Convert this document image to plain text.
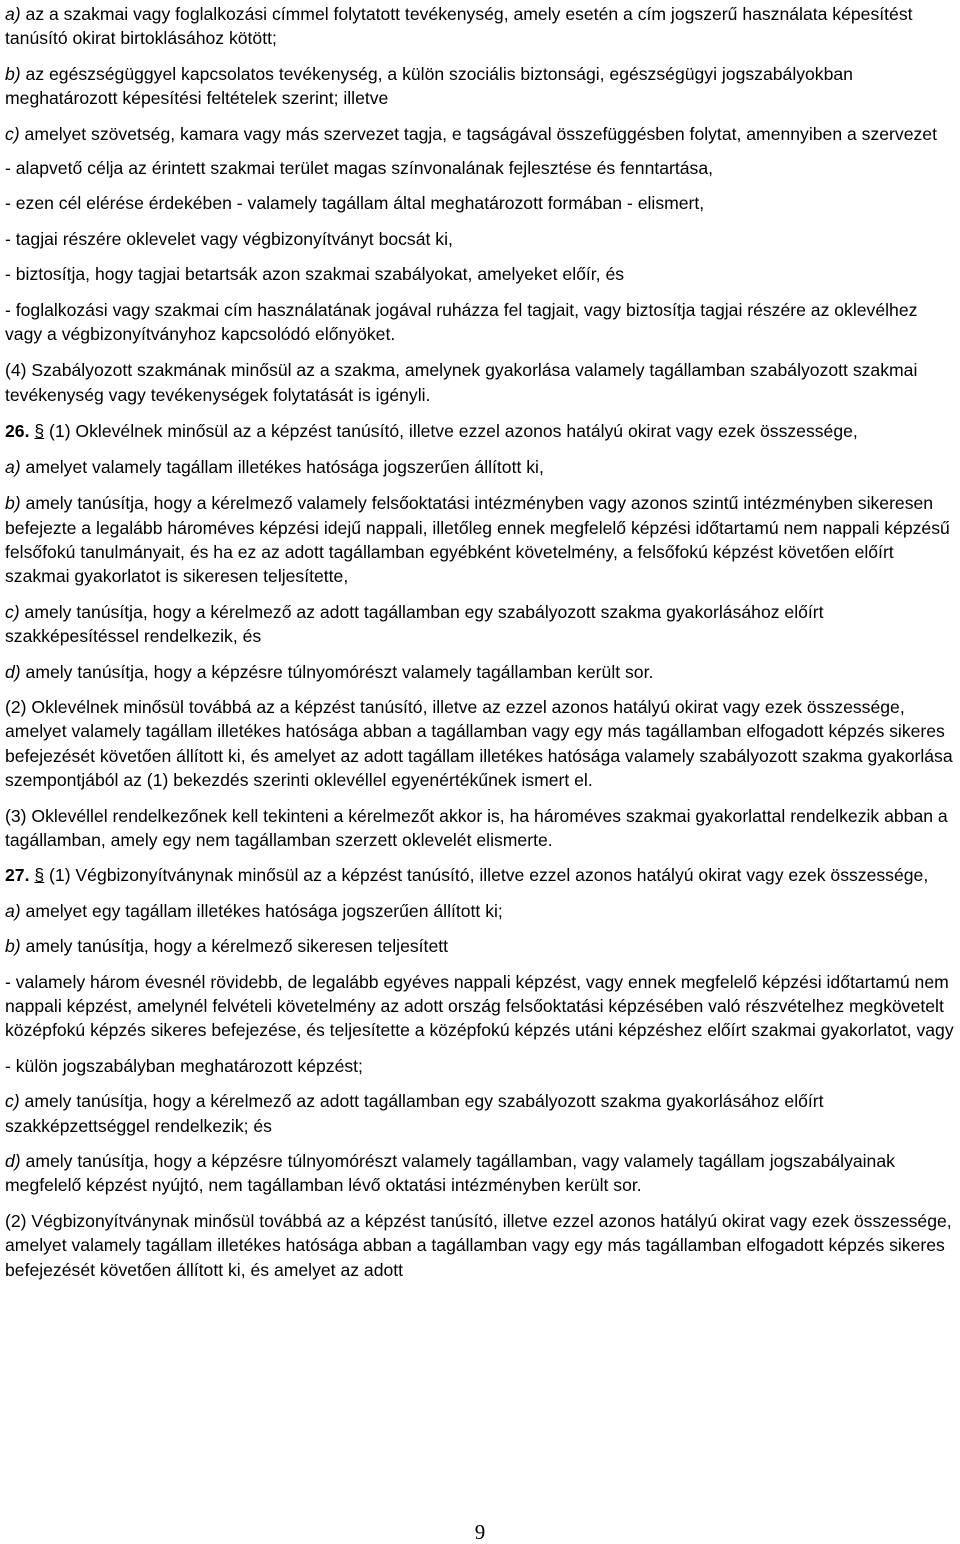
a) az a szakmai vagy foglalkozási címmel folytatott tevékenység, amely esetén a cím jogszerű használata képesítést tanúsító okirat birtoklásához kötött;

b) az egészségüggyel kapcsolatos tevékenység, a külön szociális biztonsági, egészségügyi jogszabályokban meghatározott képesítési feltételek szerint; illetve

c) amelyet szövetség, kamara vagy más szervezet tagja, e tagságával összefüggésben folytat, amennyiben a szervezet

- alapvető célja az érintett szakmai terület magas színvonalának fejlesztése és fenntartása,

- ezen cél elérése érdekében - valamely tagállam által meghatározott formában - elismert,

- tagjai részére oklevelet vagy végbizonyítványt bocsát ki,

- biztosítja, hogy tagjai betartsák azon szakmai szabályokat, amelyeket előír, és

- foglalkozási vagy szakmai cím használatának jogával ruházza fel tagjait, vagy biztosítja tagjai részére az oklevélhez vagy a végbizonyítványhoz kapcsolódó előnyöket.

(4) Szabályozott szakmának minősül az a szakma, amelynek gyakorlása valamely tagállamban szabályozott szakmai tevékenység vagy tevékenységek folytatását is igényli.

26. § (1) Oklevélnek minősül az a képzést tanúsító, illetve ezzel azonos hatályú okirat vagy ezek összessége,

a) amelyet valamely tagállam illetékes hatósága jogszerűen állított ki,

b) amely tanúsítja, hogy a kérelmező valamely felsőoktatási intézményben vagy azonos szintű intézményben sikeresen befejezte a legalább hároméves képzési idejű nappali, illetőleg ennek megfelelő képzési időtartamú nem nappali képzésű felsőfokú tanulmányait, és ha ez az adott tagállamban egyébként követelmény, a felsőfokú képzést követően előírt szakmai gyakorlatot is sikeresen teljesítette,

c) amely tanúsítja, hogy a kérelmező az adott tagállamban egy szabályozott szakma gyakorlásához előírt szakképesítéssel rendelkezik, és

d) amely tanúsítja, hogy a képzésre túlnyomórészt valamely tagállamban került sor.

(2) Oklevélnek minősül továbbá az a képzést tanúsító, illetve az ezzel azonos hatályú okirat vagy ezek összessége, amelyet valamely tagállam illetékes hatósága abban a tagállamban vagy egy más tagállamban elfogadott képzés sikeres befejezését követően állított ki, és amelyet az adott tagállam illetékes hatósága valamely szabályozott szakma gyakorlása szempontjából az (1) bekezdés szerinti oklevéllel egyenértékűnek ismert el.

(3) Oklevéllel rendelkezőnek kell tekinteni a kérelmezőt akkor is, ha hároméves szakmai gyakorlattal rendelkezik abban a tagállamban, amely egy nem tagállamban szerzett oklevelét elismerte.

27. § (1) Végbizonyítványnak minősül az a képzést tanúsító, illetve ezzel azonos hatályú okirat vagy ezek összessége,

a) amelyet egy tagállam illetékes hatósága jogszerűen állított ki;

b) amely tanúsítja, hogy a kérelmező sikeresen teljesített

- valamely három évesnél rövidebb, de legalább egyéves nappali képzést, vagy ennek megfelelő képzési időtartamú nem nappali képzést, amelynél felvételi követelmény az adott ország felsőoktatási képzésében való részvételhez megkövetelt középfokú képzés sikeres befejezése, és teljesítette a középfokú képzés utáni képzéshez előírt szakmai gyakorlatot, vagy

- külön jogszabályban meghatározott képzést;

c) amely tanúsítja, hogy a kérelmező az adott tagállamban egy szabályozott szakma gyakorlásához előírt szakképzettséggel rendelkezik; és

d) amely tanúsítja, hogy a képzésre túlnyomórészt valamely tagállamban, vagy valamely tagállam jogszabályainak megfelelő képzést nyújtó, nem tagállamban lévő oktatási intézményben került sor.

(2) Végbizonyítványnak minősül továbbá az a képzést tanúsító, illetve ezzel azonos hatályú okirat vagy ezek összessége, amelyet valamely tagállam illetékes hatósága abban a tagállamban vagy egy más tagállamban elfogadott képzés sikeres befejezését követően állított ki, és amelyet az adott

9
